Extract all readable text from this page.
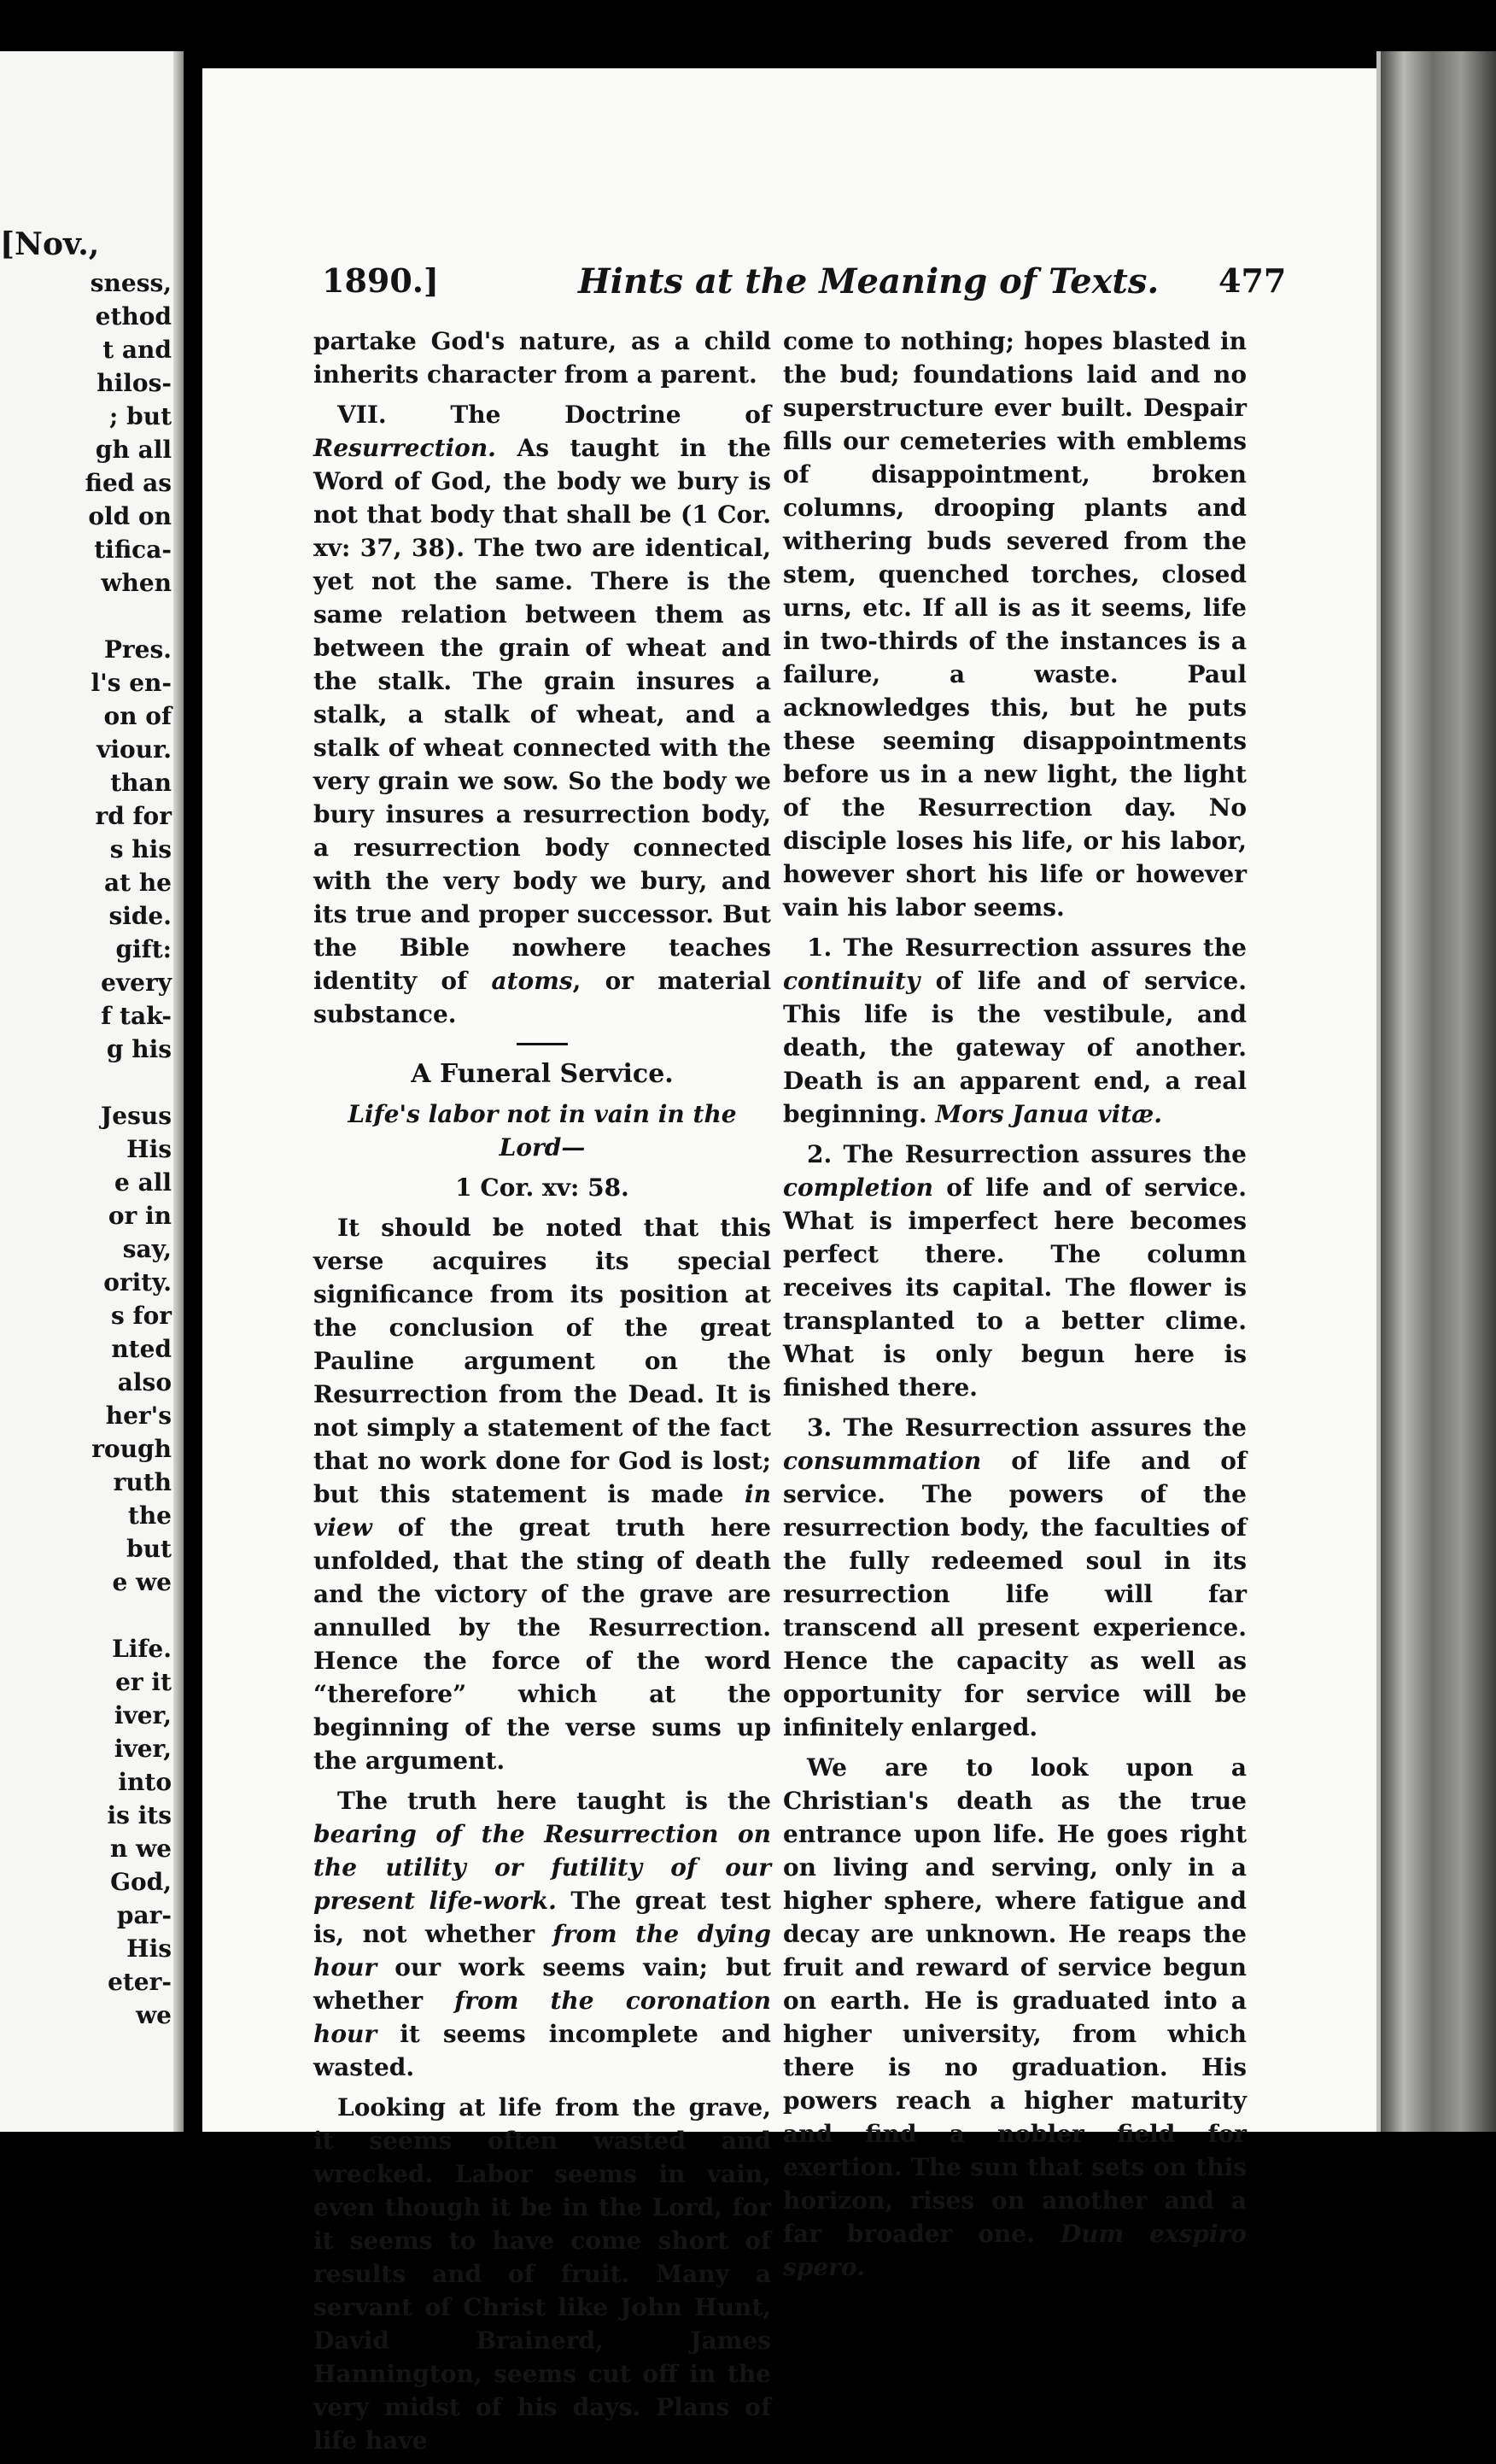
[Nov.,
sness,
ethod
t and
hilos-
; but
gh all
fied as
old on
tifica-
when

Pres.
l's en-
on of
viour.
than
rd for
s his
at he
side.
gift:
every
f tak-
g his

Jesus
His
e all
or in
say,
ority.
s for
nted
also
her's
rough
ruth
the
but
e we

Life.
er it
iver,
iver,
into
is its
n we
God,
par-
His
eter-
we
1890.]	Hints at the Meaning of Texts. 477

partake God's nature, as a child inherits character from a parent.

VII. The Doctrine of Resurrection. As taught in the Word of God, the body we bury is not that body that shall be (1 Cor. xv: 37, 38). The two are identical, yet not the same. There is the same relation between them as between the grain of wheat and the stalk. The grain insures a stalk, a stalk of wheat, and a stalk of wheat connected with the very grain we sow. So the body we bury insures a resurrection body, a resurrection body connected with the very body we bury, and its true and proper successor. But the Bible nowhere teaches identity of atoms, or material substance.

A Funeral Service.

Life's labor not in vain in the Lord—

1 Cor. xv: 58.

It should be noted that this verse acquires its special significance from its position at the conclusion of the great Pauline argument on the Resurrection from the Dead. It is not simply a statement of the fact that no work done for God is lost; but this statement is made in view of the great truth here unfolded, that the sting of death and the victory of the grave are annulled by the Resurrection. Hence the force of the word “therefore” which at the beginning of the verse sums up the argument.

The truth here taught is the bearing of the Resurrection on the utility or futility of our present life-work. The great test is, not whether from the dying hour our work seems vain; but whether from the coronation hour it seems incomplete and wasted.

Looking at life from the grave, it seems often wasted and wrecked. Labor seems in vain, even though it be in the Lord, for it seems to have come short of results and of fruit. Many a servant of Christ like John Hunt, David Brainerd, James Hannington, seems cut off in the very midst of his days. Plans of life have

come to nothing; hopes blasted in the bud; foundations laid and no superstructure ever built. Despair fills our cemeteries with emblems of disappointment, broken columns, drooping plants and withering buds severed from the stem, quenched torches, closed urns, etc. If all is as it seems, life in two-thirds of the instances is a failure, a waste. Paul acknowledges this, but he puts these seeming disappointments before us in a new light, the light of the Resurrection day. No disciple loses his life, or his labor, however short his life or however vain his labor seems.

1. The Resurrection assures the continuity of life and of service. This life is the vestibule, and death, the gateway of another. Death is an apparent end, a real beginning. Mors Janua vitæ.

2. The Resurrection assures the completion of life and of service. What is imperfect here becomes perfect there. The column receives its capital. The flower is transplanted to a better clime. What is only begun here is finished there.

3. The Resurrection assures the consummation of life and of service. The powers of the resurrection body, the faculties of the fully redeemed soul in its resurrection life will far transcend all present experience. Hence the capacity as well as opportunity for service will be infinitely enlarged.

We are to look upon a Christian's death as the true entrance upon life. He goes right on living and serving, only in a higher sphere, where fatigue and decay are unknown. He reaps the fruit and reward of service begun on earth. He is graduated into a higher university, from which there is no graduation. His powers reach a higher maturity and find a nobler field for exertion. The sun that sets on this horizon, rises on another and a far broader one. Dum exspiro spero.
